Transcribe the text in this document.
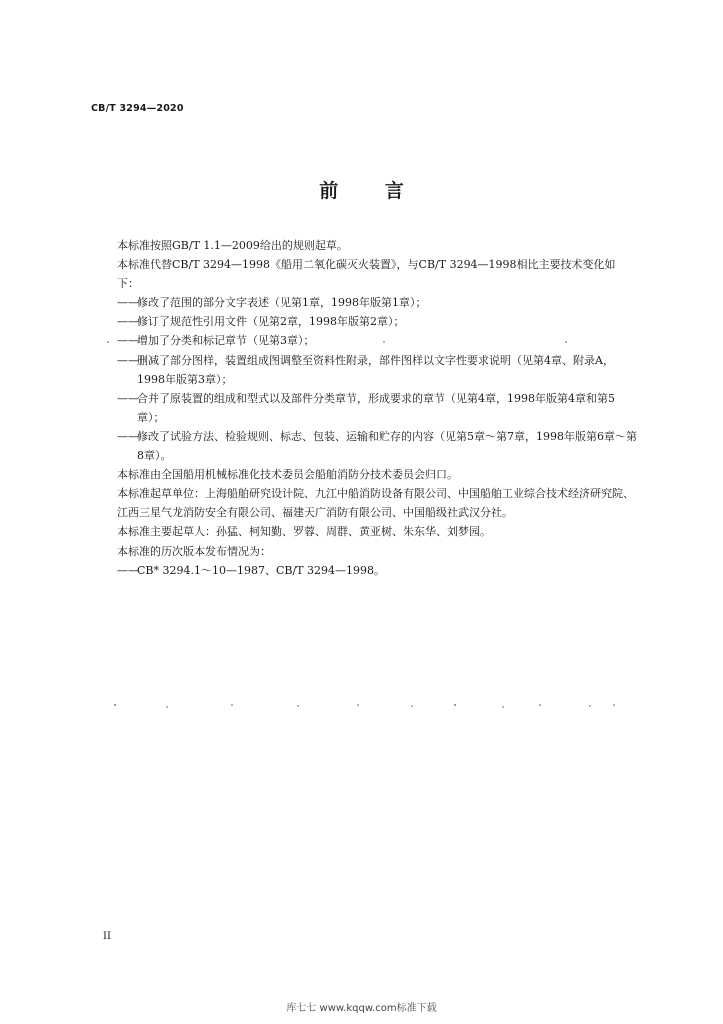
CB/T 3294—2020
前 言

本标准按照GB/T 1.1—2009给出的规则起草。

本标准代替CB/T 3294—1998《船用二氧化碳灭火装置》，与CB/T 3294—1998相比主要技术变化如下：

——修改了范围的部分文字表述（见第1章，1998年版第1章）；

——修订了规范性引用文件（见第2章，1998年版第2章）；

——增加了分类和标记章节（见第3章）；

——删减了部分图样，装置组成图调整至资料性附录，部件图样以文字性要求说明（见第4章、附录A，1998年版第3章）；

——合并了原装置的组成和型式以及部件分类章节，形成要求的章节（见第4章，1998年版第4章和第5章）；

——修改了试验方法、检验规则、标志、包装、运输和贮存的内容（见第5章～第7章，1998年版第6章～第8章）。

本标准由全国船用机械标准化技术委员会船舶消防分技术委员会归口。

本标准起草单位：上海船舶研究设计院、九江中船消防设备有限公司、中国船舶工业综合技术经济研究院、江西三星气龙消防安全有限公司、福建天广消防有限公司、中国船级社武汉分社。

本标准主要起草人：孙猛、柯知勤、罗蓉、周群、黄亚树、朱东华、刘梦园。

本标准的历次版本发布情况为：

——CB* 3294.1～10—1987、CB/T 3294—1998。

II
库七七 www.kqqw.com标准下载
